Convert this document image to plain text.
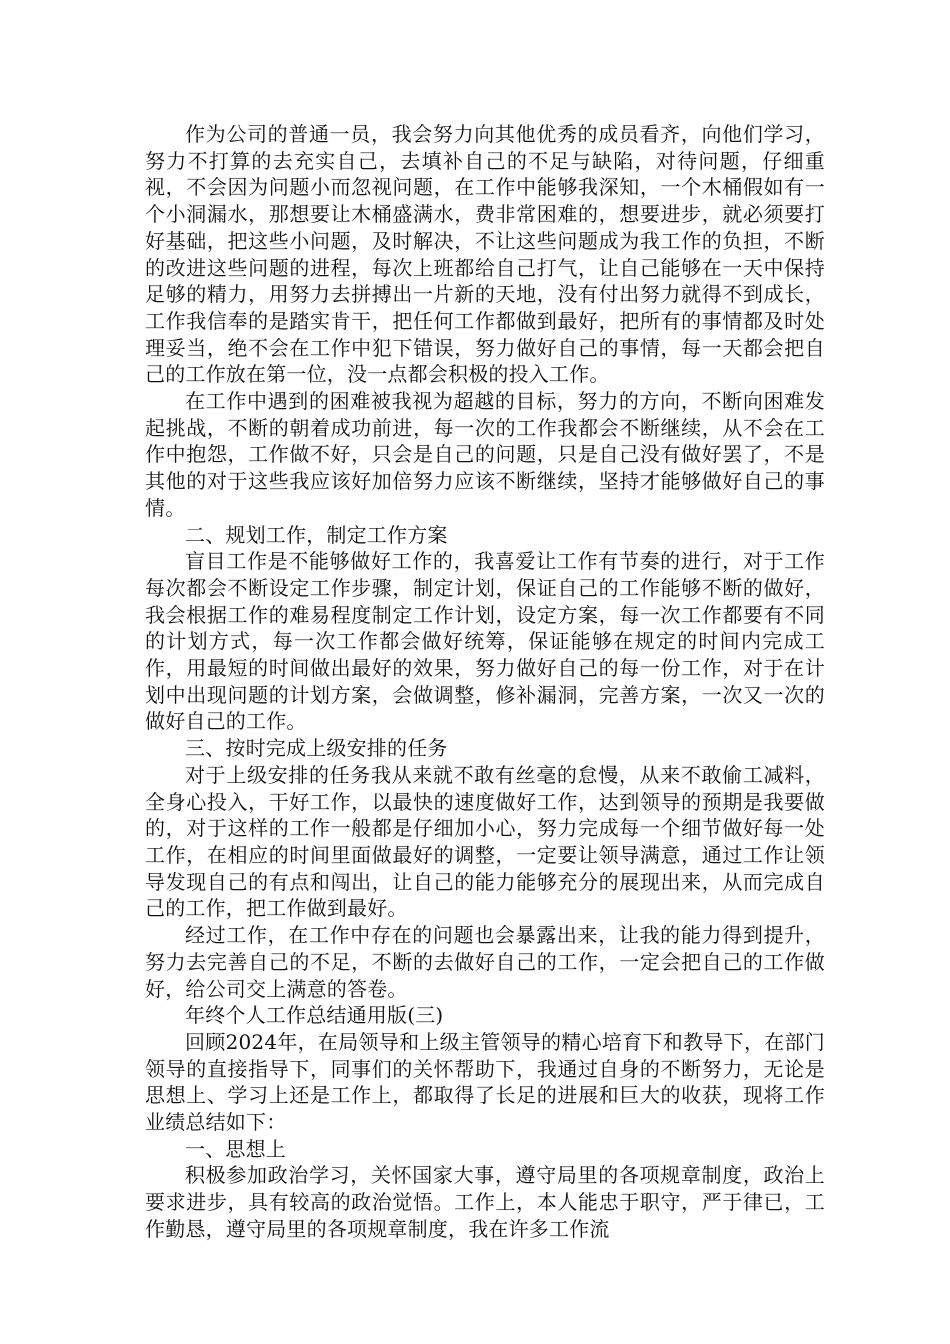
作为公司的普通一员，我会努力向其他优秀的成员看齐，向他们学习，努力不打算的去充实自己，去填补自己的不足与缺陷，对待问题，仔细重视，不会因为问题小而忽视问题，在工作中能够我深知，一个木桶假如有一个小洞漏水，那想要让木桶盛满水，费非常困难的，想要进步，就必须要打好基础，把这些小问题，及时解决，不让这些问题成为我工作的负担，不断的改进这些问题的进程，每次上班都给自己打气，让自己能够在一天中保持足够的精力，用努力去拼搏出一片新的天地，没有付出努力就得不到成长，工作我信奉的是踏实肯干，把任何工作都做到最好，把所有的事情都及时处理妥当，绝不会在工作中犯下错误，努力做好自己的事情，每一天都会把自己的工作放在第一位，没一点都会积极的投入工作。

在工作中遇到的困难被我视为超越的目标，努力的方向，不断向困难发起挑战，不断的朝着成功前进，每一次的工作我都会不断继续，从不会在工作中抱怨，工作做不好，只会是自己的问题，只是自己没有做好罢了，不是其他的对于这些我应该好加倍努力应该不断继续，坚持才能够做好自己的事情。

二、规划工作，制定工作方案

盲目工作是不能够做好工作的，我喜爱让工作有节奏的进行，对于工作每次都会不断设定工作步骤，制定计划，保证自己的工作能够不断的做好，我会根据工作的难易程度制定工作计划，设定方案，每一次工作都要有不同的计划方式，每一次工作都会做好统筹，保证能够在规定的时间内完成工作，用最短的时间做出最好的效果，努力做好自己的每一份工作，对于在计划中出现问题的计划方案，会做调整，修补漏洞，完善方案，一次又一次的做好自己的工作。

三、按时完成上级安排的任务

对于上级安排的任务我从来就不敢有丝毫的怠慢，从来不敢偷工减料，全身心投入，干好工作，以最快的速度做好工作，达到领导的预期是我要做的，对于这样的工作一般都是仔细加小心，努力完成每一个细节做好每一处工作，在相应的时间里面做最好的调整，一定要让领导满意，通过工作让领导发现自己的有点和闯出，让自己的能力能够充分的展现出来，从而完成自己的工作，把工作做到最好。

经过工作，在工作中存在的问题也会暴露出来，让我的能力得到提升，努力去完善自己的不足，不断的去做好自己的工作，一定会把自己的工作做好，给公司交上满意的答卷。

年终个人工作总结通用版(三)

回顾2024年，在局领导和上级主管领导的精心培育下和教导下，在部门领导的直接指导下，同事们的关怀帮助下，我通过自身的不断努力，无论是思想上、学习上还是工作上，都取得了长足的进展和巨大的收获，现将工作业绩总结如下：

一、思想上

积极参加政治学习，关怀国家大事，遵守局里的各项规章制度，政治上要求进步，具有较高的政治觉悟。工作上，本人能忠于职守，严于律已，工作勤恳，遵守局里的各项规章制度，我在许多工作流
